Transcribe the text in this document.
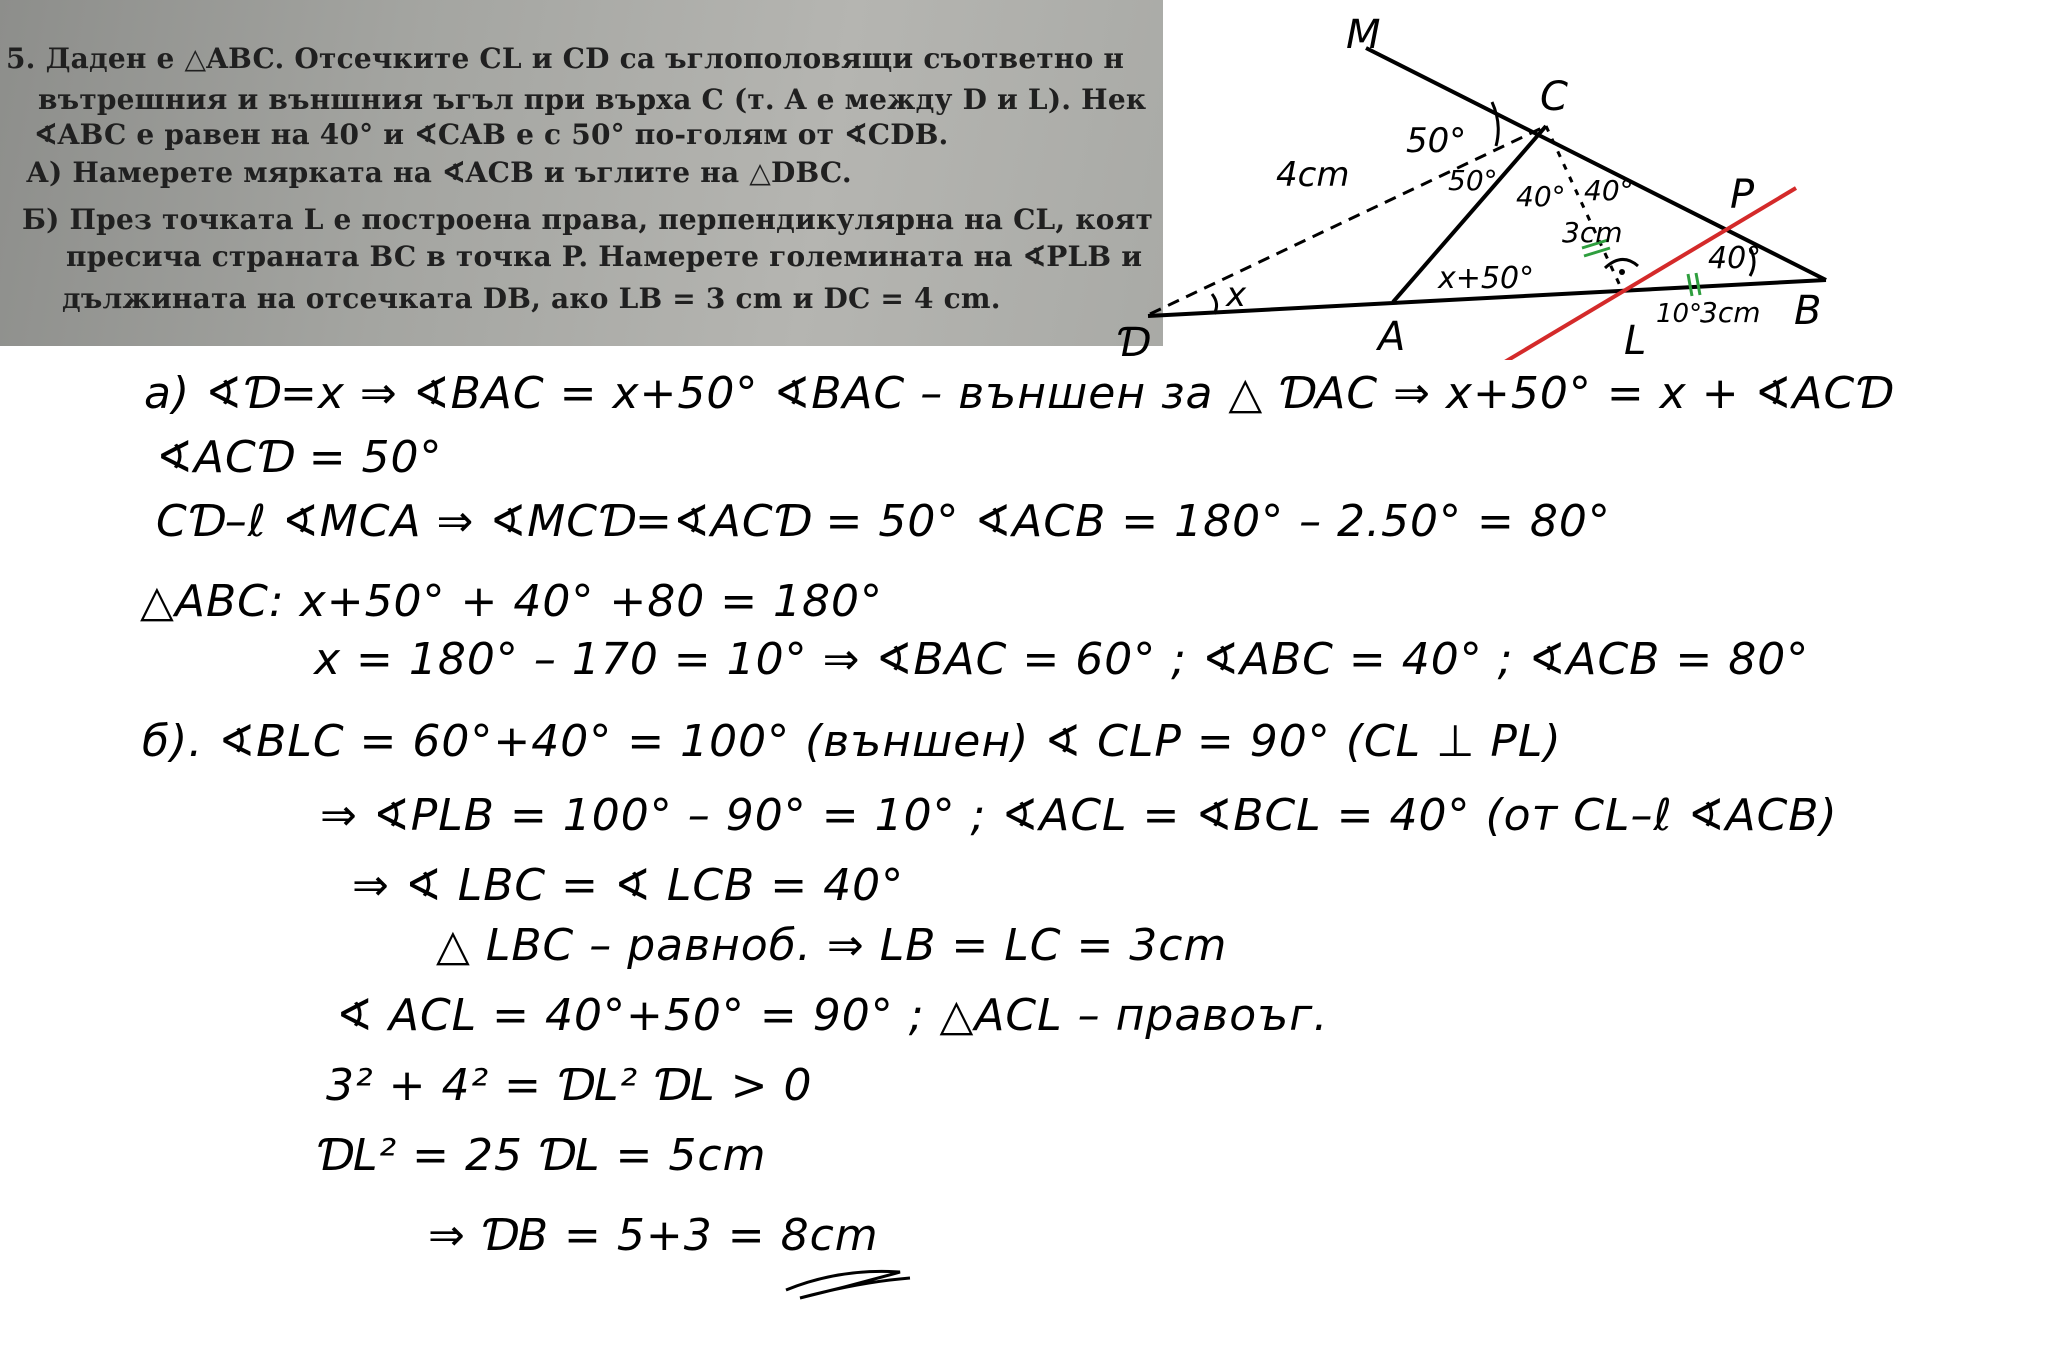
5. Даден е △ABC. Отсечките CL и CD са ъглополовящи съответно н
вътрешния и външния ъгъл при върха C (т. A е между D и L). Нек
∢ABC е равен на 40° и ∢CAB е с 50° по-голям от ∢CDB.
А) Намерете мярката на ∢ACB и ъглите на △DBC.
Б) През точката L е построена права, перпендикулярна на CL, коят
пресича страната BC в точка P. Намерете големината на ∢PLB и
дължината на отсечката DB, ако LB = 3 cm и DC = 4 cm.
M
C
P
Ɗ	A	L
B
50°
50° 40° 40°
3cm
4cm
x	x+50°
40°
10°
3cm
а) ∢Ɗ=x ⇒ ∢BAC = x+50° ∢BAC – външен за △ ƊAC ⇒ x+50° = x + ∢ACƊ
∢ACƊ = 50°
CƊ–ℓ ∢MCA ⇒ ∢MCƊ=∢ACƊ = 50° ∢ACB = 180° – 2.50° = 80°
△ABC: x+50° + 40° +80 = 180°
x = 180° – 170 = 10° ⇒ ∢BAC = 60° ; ∢ABC = 40° ; ∢ACB = 80°
б). ∢BLC = 60°+40° = 100° (външен) ∢ CLP = 90° (CL ⊥ PL)
⇒ ∢PLB = 100° – 90° = 10° ; ∢ACL = ∢BCL = 40° (от CL–ℓ ∢ACB)
⇒ ∢ LBC = ∢ LCB = 40°
△ LBC – равноб. ⇒ LB = LC = 3cm
∢ ACL = 40°+50° = 90° ; △ACL – правоъг.
3² + 4² = ƊL² ƊL > 0
ƊL² = 25 ƊL = 5cm
⇒ ƊB = 5+3 = 8cm
